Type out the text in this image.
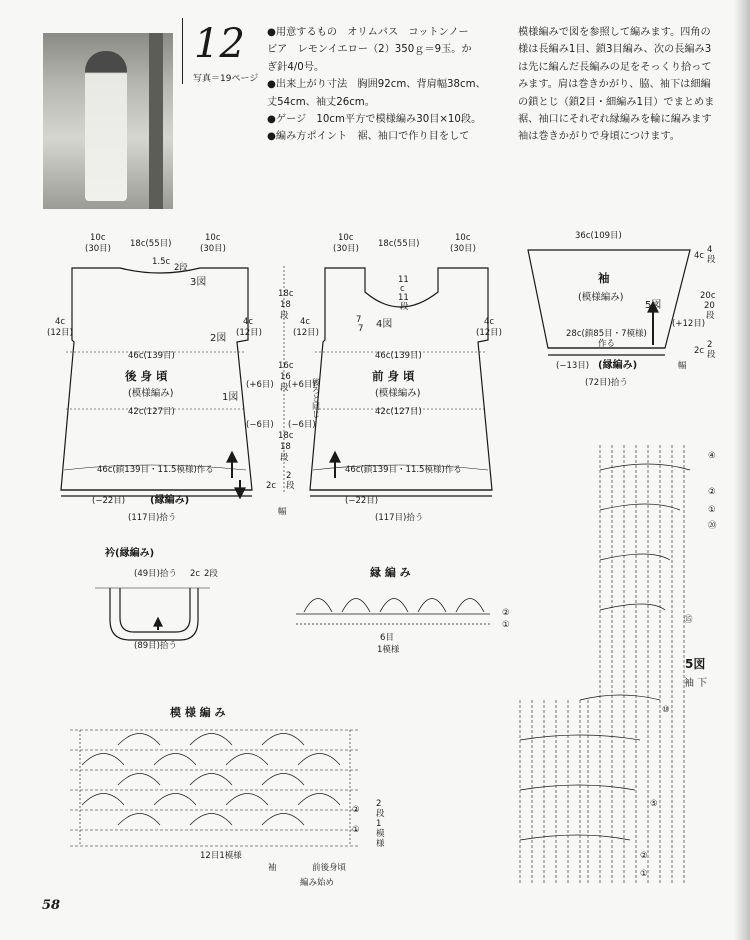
12
写真＝19ページ
●用意するもの　オリムパス　コットンノー
ビア　レモンイエロー（2）350ｇ＝9玉。か
ぎ針4/0号。
●出来上がり寸法　胸囲92cm、背肩幅38cm、
丈54cm、袖丈26cm。
●ゲージ　10cm平方で模様編み30目×10段。
●編み方ポイント　裾、袖口で作り目をして
模様編みで図を参照して編みます。四角の
様は長編み1目、鎖3目編み、次の長編み3
は先に編んだ長編みの足をそっくり拾って
みます。肩は巻きかがり、脇、袖下は細編
の鎖とじ（鎖2目・細編み1目）でまとめま
裾、袖口にそれぞれ縁編みを輪に編みます
袖は巻きかがりで身頃につけます。
10c
(30目) 18c(55目)
10c
(30目)
1.5c
2段
3図
2図
1図
4c
(12目)
4c
(12目)
46c(139目)
後 身 頃
(模様編み)
42c(127目)
46c(鎖139目・11.5模様)作る
(+6目)
(−6目)
(−22目) (縁編み)
(117目)拾う
18c
18
段
16c
16
段
18c
18
段
2c
2
段
幅
10c
(30目) 18c(55目)
10c
(30目)
11
c
11
段
7
7 4図
4c
(12目)
4c
(12目)
46c(139目)
前 身 頃
(模様編み)
後ろと同じ	42c(127目)
46c(鎖139目・11.5模様)作る
(+6目)
(−6目)
(−22目)
(117目)拾う
36c(109目)
袖
(模様編み)
5図
28c(鎖85目・7模様)
作る
(+12目)
(−13目) (縁編み)
(72目)拾う
4c
4
段
20c
20
段
2c
2
段
幅
衿(縁編み)
(49目)拾う 2c 2段
(89目)拾う
縁 編 み
②
①
6目
1模様
模 様 編 み
②
①
2
段
1
模
様
12目1模様
袖	前後身頃
編み始め
5図
袖 下
④
②
①
⑳
⑮
⑩
⑤
②
①
58
